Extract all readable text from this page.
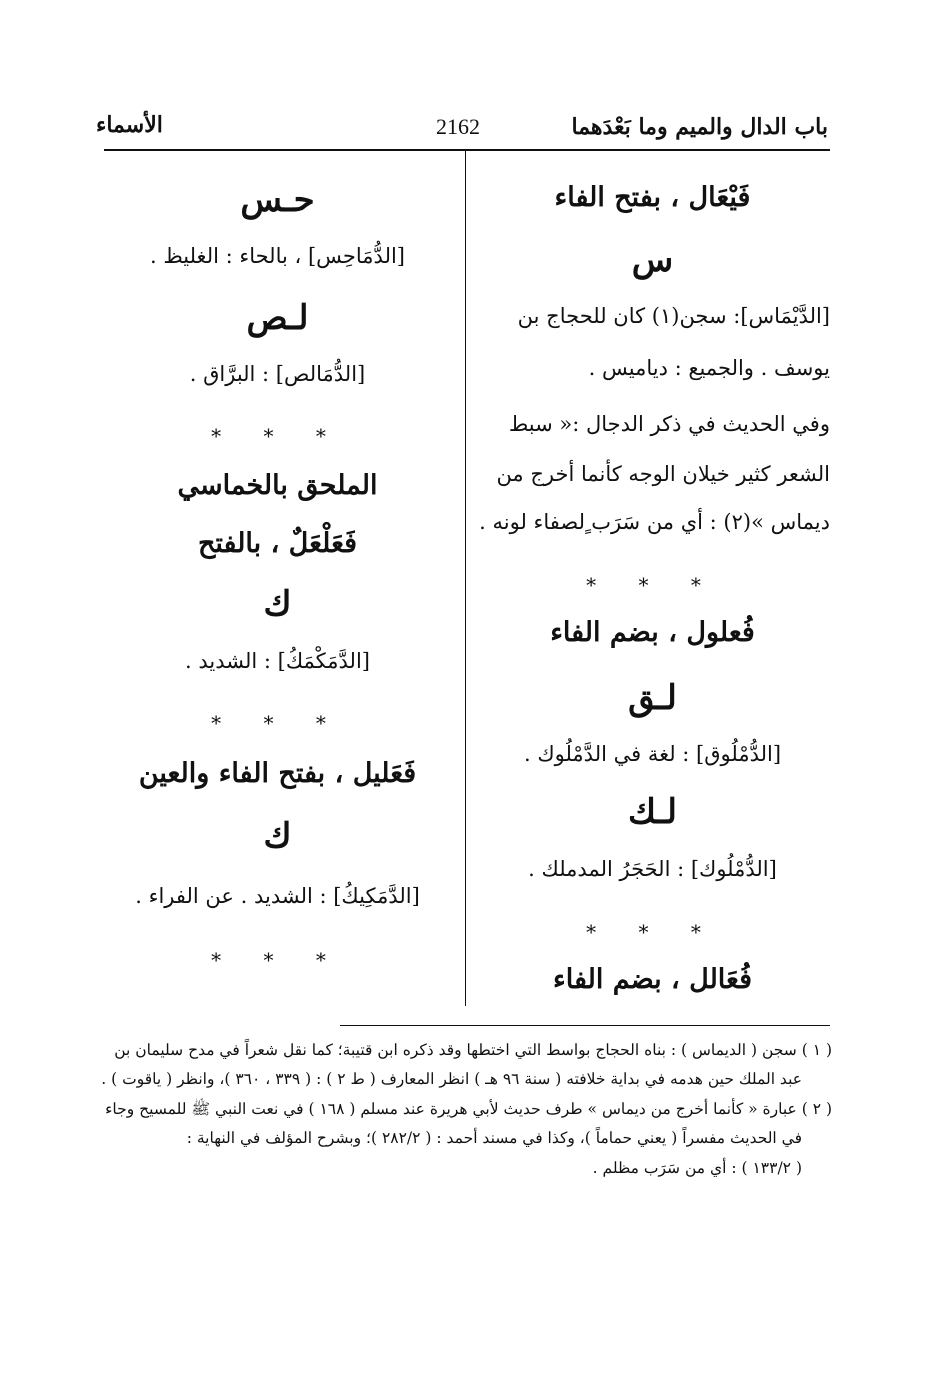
باب الدال والميم وما بَعْدَهما
2162
الأسماء
فَيْعَال ، بفتح الفاء
س
[الدَّيْمَاس]: سجن(١) كان للحجاج بن
يوسف . والجميع : دياميس .
وفي الحديث في ذكر الدجال :« سبط
الشعر كثير خيلان الوجه كأنما أخرج من
ديماس »(٢) : أي من سَرَب ٍلصفاء لونه .
* * *
فُعلول ، بضم الفاء
لـق
[الدُّمْلُوق] : لغة في الدَّمْلُوك .
لـك
[الدُّمْلُوك] : الحَجَرُ المدملك .
* * *
فُعَالل ، بضم الفاء
حـس
[الدُّمَاحِس] ، بالحاء : الغليظ .
لـص
[الدُّمَالص] : البرَّاق .
* * *
الملحق بالخماسي
فَعَلْعَلٌ ، بالفتح
ك
[الدَّمَكْمَكُ] : الشديد .
* * *
فَعَليل ، بفتح الفاء والعين
ك
[الدَّمَكِيكُ] : الشديد . عن الفراء .
* * *

( ١ ) سجن ( الديماس ) : بناه الحجاج بواسط التي اختطها وقد ذكره ابن قتيبة؛ كما نقل شعراً في مدح سليمان بن

عبد الملك حين هدمه في بداية خلافته ( سنة ٩٦ هـ ) انظر المعارف ( ط ٢ ) : ( ٣٣٩ ، ٣٦٠ )، وانظر ( ياقوت ) .

( ٢ ) عبارة « كأنما أخرج من ديماس » طرف حديث لأبي هريرة عند مسلم ( ١٦٨ ) في نعت النبي ﷺ للمسيح وجاء

في الحديث مفسراً ( يعني حماماً )، وكذا في مسند أحمد : ( ٢٨٢/٢ )؛ وبشرح المؤلف في النهاية :

( ١٣٣/٢ ) : أي من سَرَب مظلم .
